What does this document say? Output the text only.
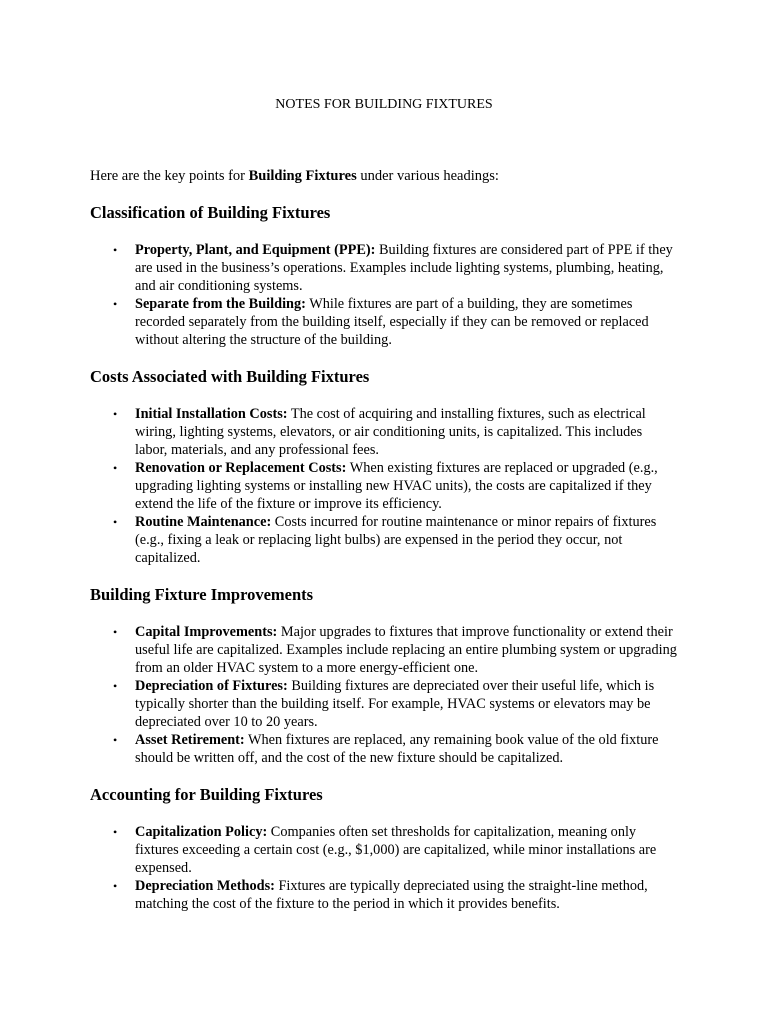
NOTES FOR BUILDING FIXTURES

Here are the key points for Building Fixtures under various headings:

Classification of Building Fixtures
• Property, Plant, and Equipment (PPE): Building fixtures are considered part of PPE if they are used in the business’s operations. Examples include lighting systems, plumbing, heating, and air conditioning systems.
• Separate from the Building: While fixtures are part of a building, they are sometimes recorded separately from the building itself, especially if they can be removed or replaced without altering the structure of the building.
Costs Associated with Building Fixtures
• Initial Installation Costs: The cost of acquiring and installing fixtures, such as electrical wiring, lighting systems, elevators, or air conditioning units, is capitalized. This includes labor, materials, and any professional fees.
• Renovation or Replacement Costs: When existing fixtures are replaced or upgraded (e.g., upgrading lighting systems or installing new HVAC units), the costs are capitalized if they extend the life of the fixture or improve its efficiency.
• Routine Maintenance: Costs incurred for routine maintenance or minor repairs of fixtures (e.g., fixing a leak or replacing light bulbs) are expensed in the period they occur, not capitalized.
Building Fixture Improvements
• Capital Improvements: Major upgrades to fixtures that improve functionality or extend their useful life are capitalized. Examples include replacing an entire plumbing system or upgrading from an older HVAC system to a more energy-efficient one.
• Depreciation of Fixtures: Building fixtures are depreciated over their useful life, which is typically shorter than the building itself. For example, HVAC systems or elevators may be depreciated over 10 to 20 years.
• Asset Retirement: When fixtures are replaced, any remaining book value of the old fixture should be written off, and the cost of the new fixture should be capitalized.
Accounting for Building Fixtures
• Capitalization Policy: Companies often set thresholds for capitalization, meaning only fixtures exceeding a certain cost (e.g., $1,000) are capitalized, while minor installations are expensed.
• Depreciation Methods: Fixtures are typically depreciated using the straight-line method, matching the cost of the fixture to the period in which it provides benefits.
